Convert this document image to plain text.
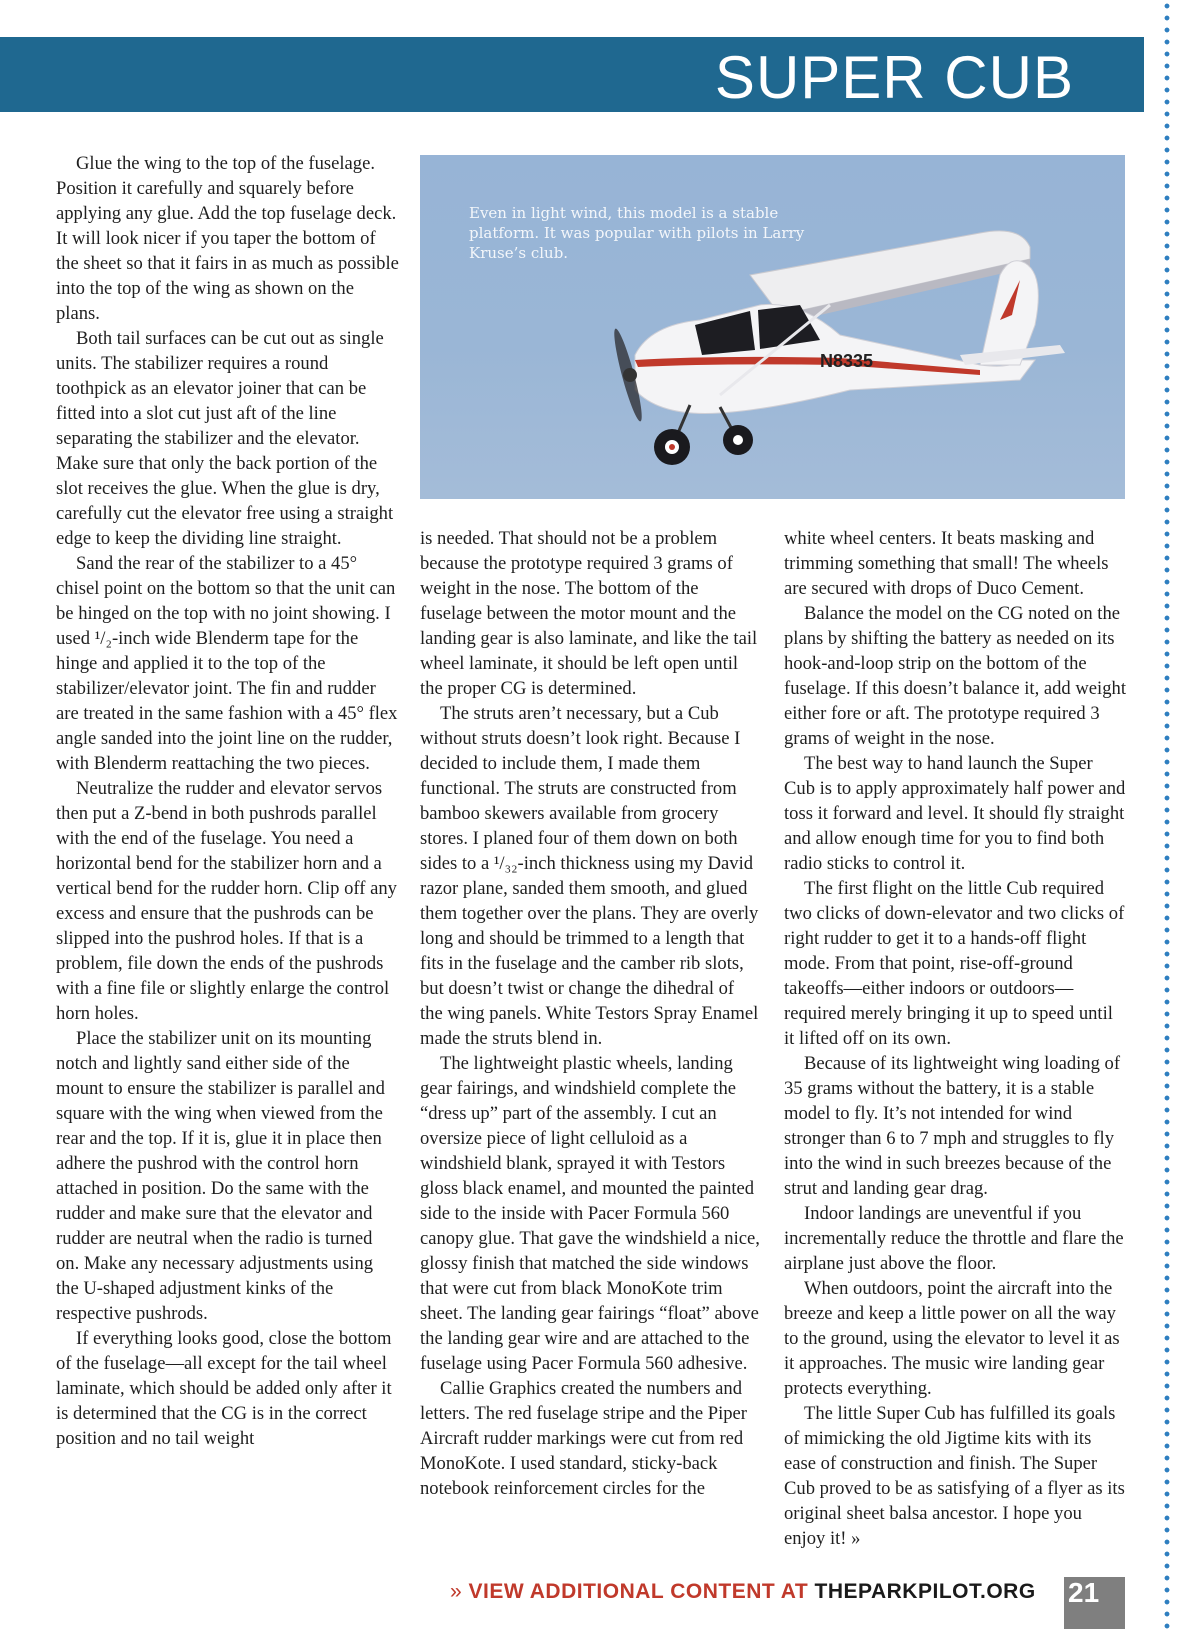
SUPER CUB

Glue the wing to the top of the fuselage. Position it carefully and squarely before applying any glue. Add the top fuselage deck. It will look nicer if you taper the bottom of the sheet so that it fairs in as much as possible into the top of the wing as shown on the plans.

Both tail surfaces can be cut out as single units. The stabilizer requires a round toothpick as an elevator joiner that can be fitted into a slot cut just aft of the line separating the stabilizer and the elevator. Make sure that only the back portion of the slot receives the glue. When the glue is dry, carefully cut the elevator free using a straight edge to keep the dividing line straight.

Sand the rear of the stabilizer to a 45° chisel point on the bottom so that the unit can be hinged on the top with no joint showing. I used ¹/₂-inch wide Blenderm tape for the hinge and applied it to the top of the stabilizer/elevator joint. The fin and rudder are treated in the same fashion with a 45° flex angle sanded into the joint line on the rudder, with Blenderm reattaching the two pieces.

Neutralize the rudder and elevator servos then put a Z-bend in both pushrods parallel with the end of the fuselage. You need a horizontal bend for the stabilizer horn and a vertical bend for the rudder horn. Clip off any excess and ensure that the pushrods can be slipped into the pushrod holes. If that is a problem, file down the ends of the pushrods with a fine file or slightly enlarge the control horn holes.

Place the stabilizer unit on its mounting notch and lightly sand either side of the mount to ensure the stabilizer is parallel and square with the wing when viewed from the rear and the top. If it is, glue it in place then adhere the pushrod with the control horn attached in position. Do the same with the rudder and make sure that the elevator and rudder are neutral when the radio is turned on. Make any necessary adjustments using the U-shaped adjustment kinks of the respective pushrods.

If everything looks good, close the bottom of the fuselage—all except for the tail wheel laminate, which should be added only after it is determined that the CG is in the correct position and no tail weight

N8335
Even in light wind, this model is a stable platform. It was popular with pilots in Larry Kruse’s club.

is needed. That should not be a problem because the prototype required 3 grams of weight in the nose. The bottom of the fuselage between the motor mount and the landing gear is also laminate, and like the tail wheel laminate, it should be left open until the proper CG is determined.

The struts aren’t necessary, but a Cub without struts doesn’t look right. Because I decided to include them, I made them functional. The struts are constructed from bamboo skewers available from grocery stores. I planed four of them down on both sides to a ¹/₃₂-inch thickness using my David razor plane, sanded them smooth, and glued them together over the plans. They are overly long and should be trimmed to a length that fits in the fuselage and the camber rib slots, but doesn’t twist or change the dihedral of the wing panels. White Testors Spray Enamel made the struts blend in.

The lightweight plastic wheels, landing gear fairings, and windshield complete the “dress up” part of the assembly. I cut an oversize piece of light celluloid as a windshield blank, sprayed it with Testors gloss black enamel, and mounted the painted side to the inside with Pacer Formula 560 canopy glue. That gave the windshield a nice, glossy finish that matched the side windows that were cut from black MonoKote trim sheet. The landing gear fairings “float” above the landing gear wire and are attached to the fuselage using Pacer Formula 560 adhesive.

Callie Graphics created the numbers and letters. The red fuselage stripe and the Piper Aircraft rudder markings were cut from red MonoKote. I used standard, sticky-back notebook reinforcement circles for the

white wheel centers. It beats masking and trimming something that small! The wheels are secured with drops of Duco Cement.

Balance the model on the CG noted on the plans by shifting the battery as needed on its hook-and-loop strip on the bottom of the fuselage. If this doesn’t balance it, add weight either fore or aft. The prototype required 3 grams of weight in the nose.

The best way to hand launch the Super Cub is to apply approximately half power and toss it forward and level. It should fly straight and allow enough time for you to find both radio sticks to control it.

The first flight on the little Cub required two clicks of down-elevator and two clicks of right rudder to get it to a hands-off flight mode. From that point, rise-off-ground takeoffs—either indoors or outdoors—required merely bringing it up to speed until it lifted off on its own.

Because of its lightweight wing loading of 35 grams without the battery, it is a stable model to fly. It’s not intended for wind stronger than 6 to 7 mph and struggles to fly into the wind in such breezes because of the strut and landing gear drag.

Indoor landings are uneventful if you incrementally reduce the throttle and flare the airplane just above the floor.

When outdoors, point the aircraft into the breeze and keep a little power on all the way to the ground, using the elevator to level it as it approaches. The music wire landing gear protects everything.

The little Super Cub has fulfilled its goals of mimicking the old Jigtime kits with its ease of construction and finish. The Super Cub proved to be as satisfying of a flyer as its original sheet balsa ancestor. I hope you enjoy it! »

» VIEW ADDITIONAL CONTENT AT THEPARKPILOT.ORG 21
